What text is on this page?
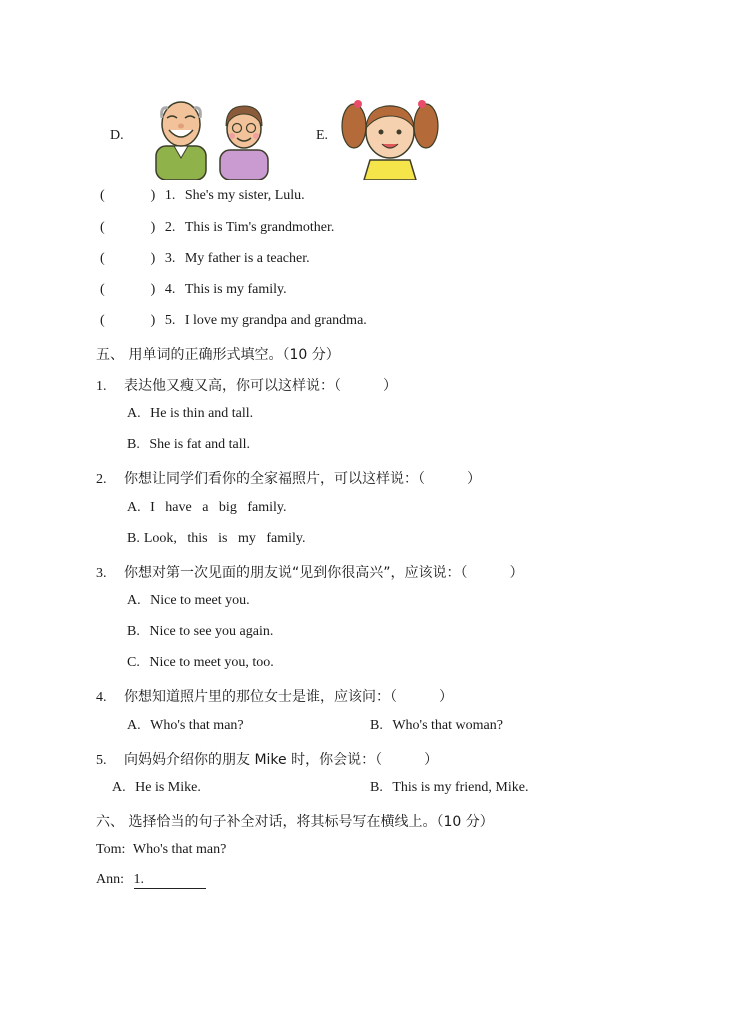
D.	E.
(	) 1. She's my sister, Lulu.
(	) 2. This is Tim's grandmother.
(	) 3. My father is a teacher.
(	) 4. This is my family.
(	) 5. I love my grandpa and grandma.
五、 用单词的正确形式填空。（10 分）
1. 表达他又瘦又高，你可以这样说：（　　　）
A. He is thin and tall.
B. She is fat and tall.
2. 你想让同学们看你的全家福照片，可以这样说：（　　　）
A. I   have   a   big   family.
B. Look,   this   is   my   family.
3. 你想对第一次见面的朋友说“见到你很高兴”，应该说：（　　　）
A. Nice to meet you.
B. Nice to see you again.
C. Nice to meet you, too.
4. 你想知道照片里的那位女士是谁，应该问：（　　　）
A. Who's that man?	B. Who's that woman?
5. 向妈妈介绍你的朋友 Mike 时，你会说：（　　　）
A. He is Mike.	B. This is my friend, Mike.
六、 选择恰当的句子补全对话，将其标号写在横线上。（10 分）
Tom: Who's that man?
Ann: 1.
